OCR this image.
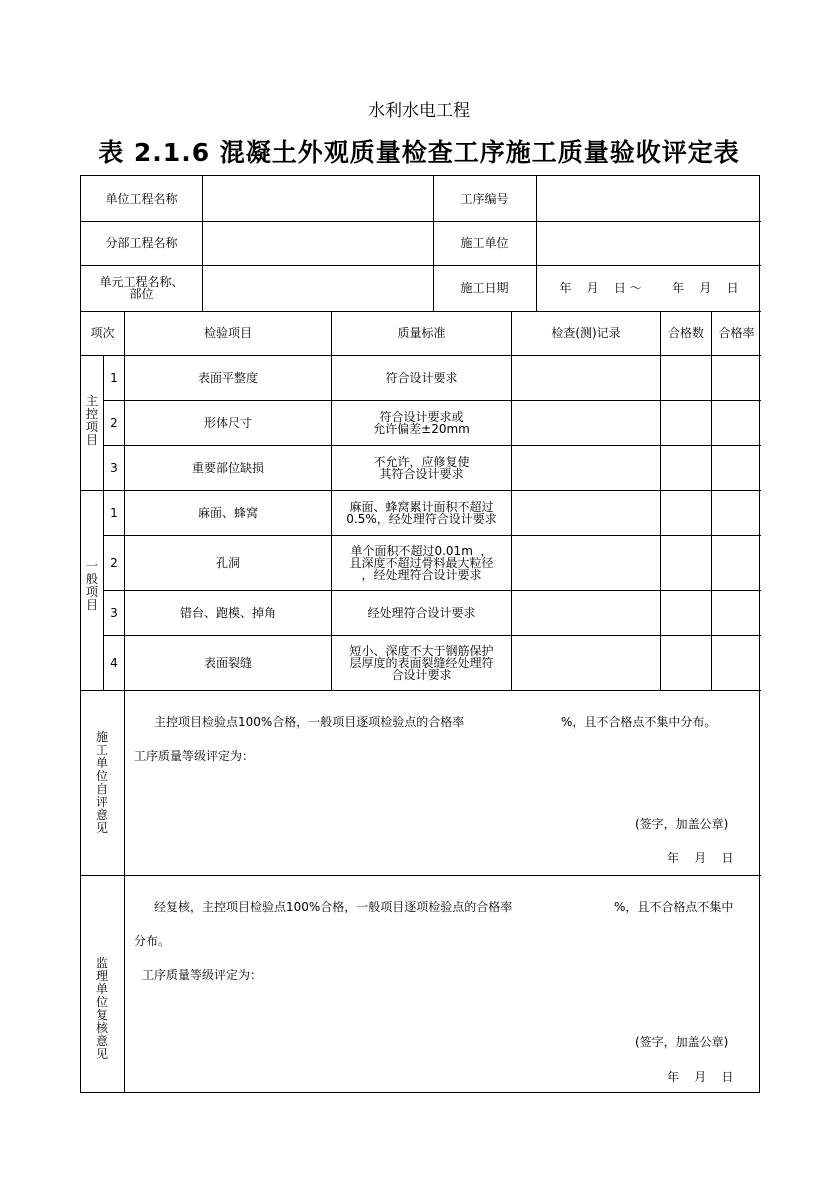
水利水电工程
表 2.1.6 混凝土外观质量检查工序施工质量验收评定表
单位工程名称	工序编号
分部工程名称	施工单位
单元工程名称、
部位	施工日期	年    月    日 ～        年    月    日
项次	检验项目	质量标准	检查(测)记录	合格数	合格率
主
控
项
目
1	表面平整度	符合设计要求
2	形体尺寸	符合设计要求或
允许偏差±20mm
3	重要部位缺损	不允许，应修复使
其符合设计要求
一
般
项
目
1	麻面、蜂窝	麻面、蜂窝累计面积不超过
0.5%，经处理符合设计要求
2	孔洞
单个面积不超过0.01m  ，
且深度不超过骨料最大粒径
，经处理符合设计要求
3	错台、跑模、掉角	经处理符合设计要求
4	表面裂缝
短小、深度不大于钢筋保护
层厚度的表面裂缝经处理符
合设计要求
施
工
单
位
自
评
意
见
主控项目检验点100%合格，一般项目逐项检验点的合格率	%，且不合格点不集中分布。
工序质量等级评定为：
(签字，加盖公章)
年    月    日
监
理
单
位
复
核
意
见
经复核，主控项目检验点100%合格，一般项目逐项检验点的合格率	%，且不合格点不集中
分布。
工序质量等级评定为：
(签字，加盖公章)
年    月    日
